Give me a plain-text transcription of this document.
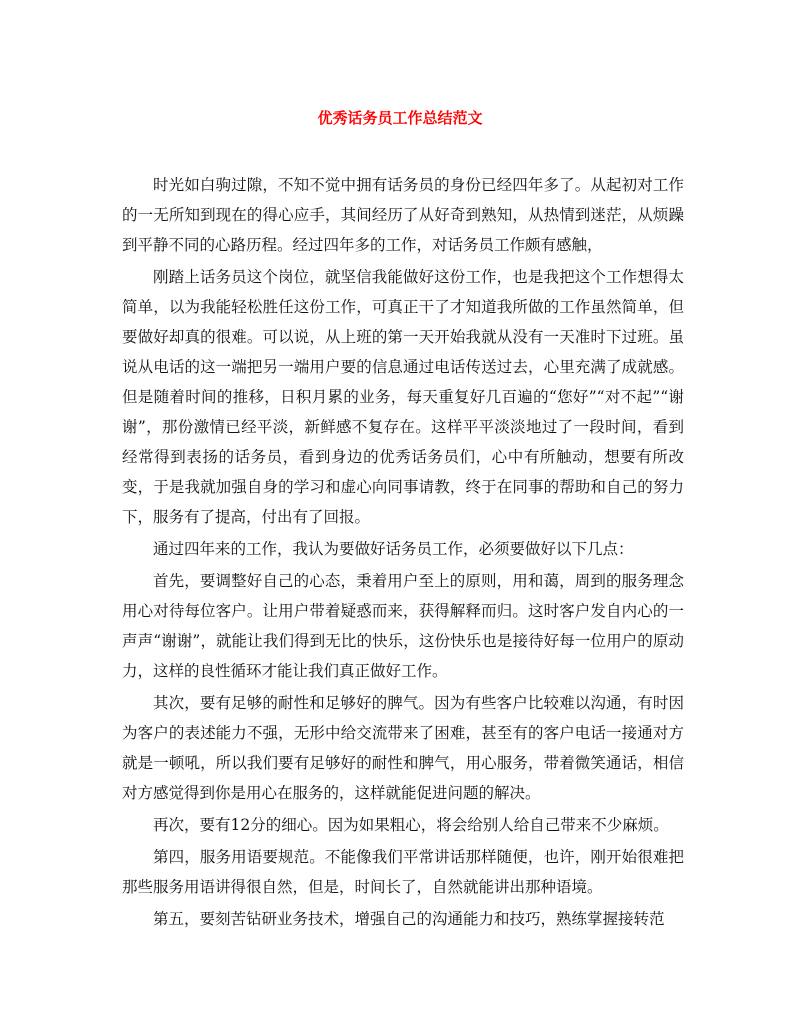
优秀话务员工作总结范文

时光如白驹过隙，不知不觉中拥有话务员的身份已经四年多了。从起初对工作的一无所知到现在的得心应手，其间经历了从好奇到熟知，从热情到迷茫，从烦躁到平静不同的心路历程。经过四年多的工作，对话务员工作颇有感触，

刚踏上话务员这个岗位，就坚信我能做好这份工作，也是我把这个工作想得太简单，以为我能轻松胜任这份工作，可真正干了才知道我所做的工作虽然简单，但要做好却真的很难。可以说，从上班的第一天开始我就从没有一天准时下过班。虽说从电话的这一端把另一端用户要的信息通过电话传送过去，心里充满了成就感。但是随着时间的推移，日积月累的业务，每天重复好几百遍的“您好”“对不起”“谢谢”，那份激情已经平淡，新鲜感不复存在。这样平平淡淡地过了一段时间，看到经常得到表扬的话务员，看到身边的优秀话务员们，心中有所触动，想要有所改变，于是我就加强自身的学习和虚心向同事请教，终于在同事的帮助和自己的努力下，服务有了提高，付出有了回报。

通过四年来的工作，我认为要做好话务员工作，必须要做好以下几点：

首先，要调整好自己的心态，秉着用户至上的原则，用和蔼，周到的服务理念用心对待每位客户。让用户带着疑惑而来，获得解释而归。这时客户发自内心的一声声“谢谢”，就能让我们得到无比的快乐，这份快乐也是接待好每一位用户的原动力，这样的良性循环才能让我们真正做好工作。

其次，要有足够的耐性和足够好的脾气。因为有些客户比较难以沟通，有时因为客户的表述能力不强，无形中给交流带来了困难，甚至有的客户电话一接通对方就是一顿吼，所以我们要有足够好的耐性和脾气，用心服务，带着微笑通话，相信对方感觉得到你是用心在服务的，这样就能促进问题的解决。

再次，要有12分的细心。因为如果粗心，将会给别人给自己带来不少麻烦。

第四，服务用语要规范。不能像我们平常讲话那样随便，也许，刚开始很难把那些服务用语讲得很自然，但是，时间长了，自然就能讲出那种语境。

第五，要刻苦钻研业务技术，增强自己的沟通能力和技巧，熟练掌握接转范
